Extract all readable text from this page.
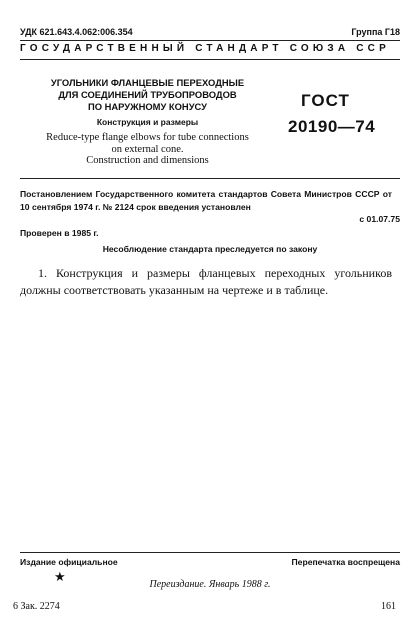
УДК 621.643.4.062:006.354	Группа Г18
ГОСУДАРСТВЕННЫЙ СТАНДАРТ СОЮЗА ССР
УГОЛЬНИКИ ФЛАНЦЕВЫЕ ПЕРЕХОДНЫЕ
ДЛЯ СОЕДИНЕНИЙ ТРУБОПРОВОДОВ
ПО НАРУЖНОМУ КОНУСУ
Конструкция и размеры
Reduce-type flange elbows for tube connections
on external cone.
Construction and dimensions
ГОСТ
20190—74
Постановлением Государственного комитета стандартов Совета Министров СССР от 10 сентября 1974 г. № 2124 срок введения установлен
с 01.07.75
Проверен в 1985 г.
Несоблюдение стандарта преследуется по закону
1. Конструкция и размеры фланцевых переходных угольников должны соответствовать указанным на чертеже и в таблице.
Издание официальное	Перепечатка воспрещена
★
Переиздание. Январь 1988 г.
6 Зак. 2274	161
